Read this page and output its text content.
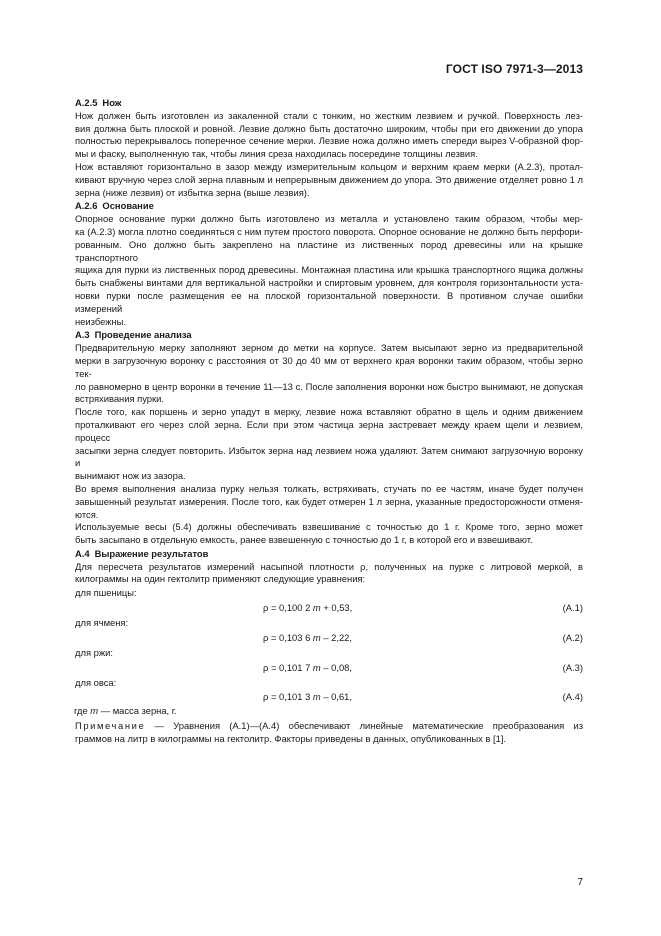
ГОСТ ISO 7971-3—2013
А.2.5 Нож
Нож должен быть изготовлен из закаленной стали с тонким, но жестким лезвием и ручкой. Поверхность лез-
вия должна быть плоской и ровной. Лезвие должно быть достаточно широким, чтобы при его движении до упора
полностью перекрывалось поперечное сечение мерки. Лезвие ножа должно иметь спереди вырез V-образной фор-
мы и фаску, выполненную так, чтобы линия среза находилась посередине толщины лезвия.
Нож вставляют горизонтально в зазор между измерительным кольцом и верхним краем мерки (А.2.3), протал-
кивают вручную через слой зерна плавным и непрерывным движением до упора. Это движение отделяет ровно 1 л
зерна (ниже лезвия) от избытка зерна (выше лезвия).
А.2.6 Основание
Опорное основание пурки должно быть изготовлено из металла и установлено таким образом, чтобы мер-
ка (А.2.3) могла плотно соединяться с ним путем простого поворота. Опорное основание не должно быть перфори-
рованным. Оно должно быть закреплено на пластине из лиственных пород древесины или на крышке транспортного
ящика для пурки из лиственных пород древесины. Монтажная пластина или крышка транспортного ящика должны
быть снабжены винтами для вертикальной настройки и спиртовым уровнем, для контроля горизонтальности уста-
новки пурки после размещения ее на плоской горизонтальной поверхности. В противном случае ошибки измерений
неизбежны.
А.3 Проведение анализа
Предварительную мерку заполняют зерном до метки на корпусе. Затем высыпают зерно из предварительной
мерки в загрузочную воронку с расстояния от 30 до 40 мм от верхнего края воронки таким образом, чтобы зерно тек-
ло равномерно в центр воронки в течение 11—13 с. После заполнения воронки нож быстро вынимают, не допуская
встряхивания пурки.
После того, как поршень и зерно упадут в мерку, лезвие ножа вставляют обратно в щель и одним движением
проталкивают его через слой зерна. Если при этом частица зерна застревает между краем щели и лезвием, процесс
засыпки зерна следует повторить. Избыток зерна над лезвием ножа удаляют. Затем снимают загрузочную воронку и
вынимают нож из зазора.
Во время выполнения анализа пурку нельзя толкать, встряхивать, стучать по ее частям, иначе будет получен
завышенный результат измерения. После того, как будет отмерен 1 л зерна, указанные предосторожности отменя-
ются.
Используемые весы (5.4) должны обеспечивать взвешивание с точностью до 1 г. Кроме того, зерно может
быть засыпано в отдельную емкость, ранее взвешенную с точностью до 1 г, в которой его и взвешивают.
А.4 Выражение результатов
Для пересчета результатов измерений насыпной плотности ρ, полученных на пурке с литровой меркой, в
килограммы на один гектолитр применяют следующие уравнения:
для пшеницы:
ρ = 0,100 2 m + 0,53,	(А.1)
для ячменя:
ρ = 0,103 6 m – 2,22,	(А.2)
для ржи:
ρ = 0,101 7 m – 0,08,	(А.3)
для овса:
ρ = 0,101 3 m – 0,61,	(А.4)
где m — масса зерна, г.
Примечание — Уравнения (А.1)—(А.4) обеспечивают линейные математические преобразования из
граммов на литр в килограммы на гектолитр. Факторы приведены в данных, опубликованных в [1].
7
